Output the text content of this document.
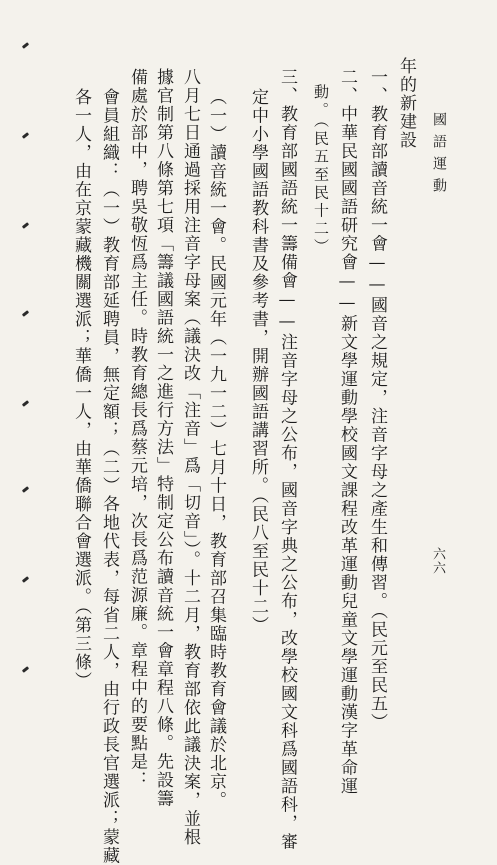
國語運動
六六
年的新建設
一、教育部讀音統一會——國音之規定，注音字母之產生和傳習。（民元至民五）
二、中華民國國語研究會——新文學運動學校國文課程改革運動兒童文學運動漢字革命運
動。（民五至民十二）
三、教育部國語統一籌備會——注音字母之公布，國音字典之公布，改學校國文科爲國語科，審
定中小學國語教科書及參考書，開辦國語講習所。（民八至民十二）
（一）讀音統一會。民國元年（一九一二）七月十日，教育部召集臨時教育會議於北京。
八月七日通過採用注音字母案（議決改「注音」爲「切音」）。十二月，教育部依此議決案，並根
據官制第八條第七項「籌議國語統一之進行方法」特制定公布讀音統一會章程八條。先設籌
備處於部中，聘吳敬恆爲主任。時教育總長爲蔡元培，次長爲范源廉。章程中的要點是：
會員組織：（一）教育部延聘員，無定額；（二）各地代表，每省二人，由行政長官選派；蒙藏
各一人，由在京蒙藏機關選派；華僑一人，由華僑聯合會選派。（第三條）
